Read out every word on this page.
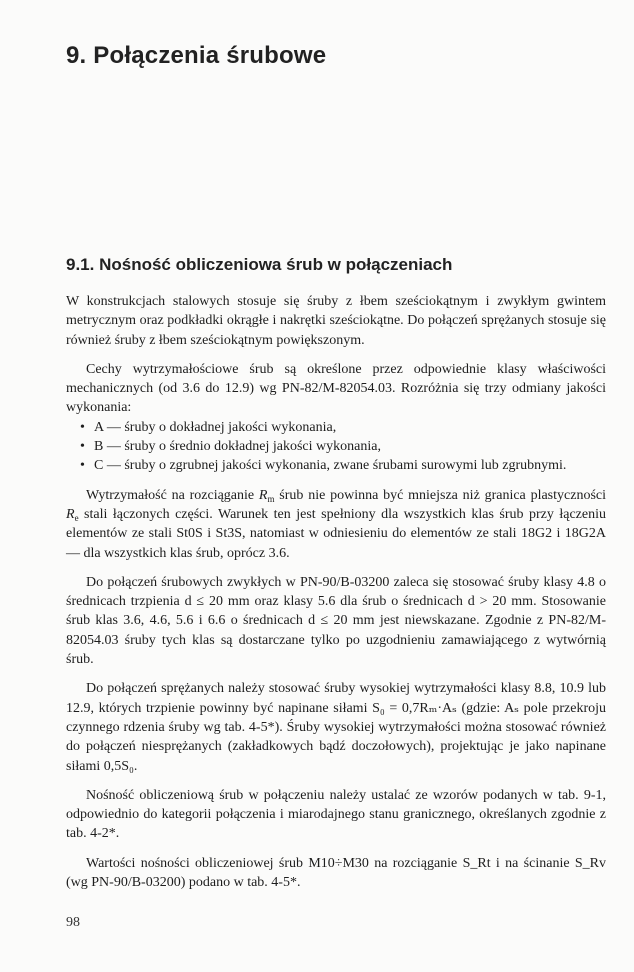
9. Połączenia śrubowe
9.1. Nośność obliczeniowa śrub w połączeniach

W konstrukcjach stalowych stosuje się śruby z łbem sześciokątnym i zwykłym gwintem metrycznym oraz podkładki okrągłe i nakrętki sześciokątne. Do połączeń sprężanych stosuje się również śruby z łbem sześciokątnym powiększonym.

Cechy wytrzymałościowe śrub są określone przez odpowiednie klasy właściwości mechanicznych (od 3.6 do 12.9) wg PN-82/M-82054.03. Rozróżnia się trzy odmiany jakości wykonania:

• A — śruby o dokładnej jakości wykonania,
• B — śruby o średnio dokładnej jakości wykonania,
• C — śruby o zgrubnej jakości wykonania, zwane śrubami surowymi lub zgrubnymi.

Wytrzymałość na rozciąganie $R_m$ śrub nie powinna być mniejsza niż granica plastyczności $R_e$ stali łączonych części. Warunek ten jest spełniony dla wszystkich klas śrub przy łączeniu elementów ze stali St0S i St3S, natomiast w odniesieniu do elementów ze stali 18G2 i 18G2A — dla wszystkich klas śrub, oprócz 3.6.

Do połączeń śrubowych zwykłych w PN-90/B-03200 zaleca się stosować śruby klasy 4.8 o średnicach trzpienia d ≤ 20 mm oraz klasy 5.6 dla śrub o średnicach d > 20 mm. Stosowanie śrub klas 3.6, 4.6, 5.6 i 6.6 o średnicach d ≤ 20 mm jest niewskazane. Zgodnie z PN-82/M-82054.03 śruby tych klas są dostarczane tylko po uzgodnieniu zamawiającego z wytwórnią śrub.

Do połączeń sprężanych należy stosować śruby wysokiej wytrzymałości klasy 8.8, 10.9 lub 12.9, których trzpienie powinny być napinane siłami S₀ = 0,7Rₘ·Aₛ (gdzie: Aₛ pole przekroju czynnego rdzenia śruby wg tab. 4-5*). Śruby wysokiej wytrzymałości można stosować również do połączeń niesprężanych (zakładkowych bądź doczołowych), projektując je jako napinane siłami 0,5S₀.

Nośność obliczeniową śrub w połączeniu należy ustalać ze wzorów podanych w tab. 9-1, odpowiednio do kategorii połączenia i miarodajnego stanu granicznego, określanych zgodnie z tab. 4-2*.

Wartości nośności obliczeniowej śrub M10÷M30 na rozciąganie S_Rt i na ścinanie S_Rv (wg PN-90/B-03200) podano w tab. 4-5*.

98
